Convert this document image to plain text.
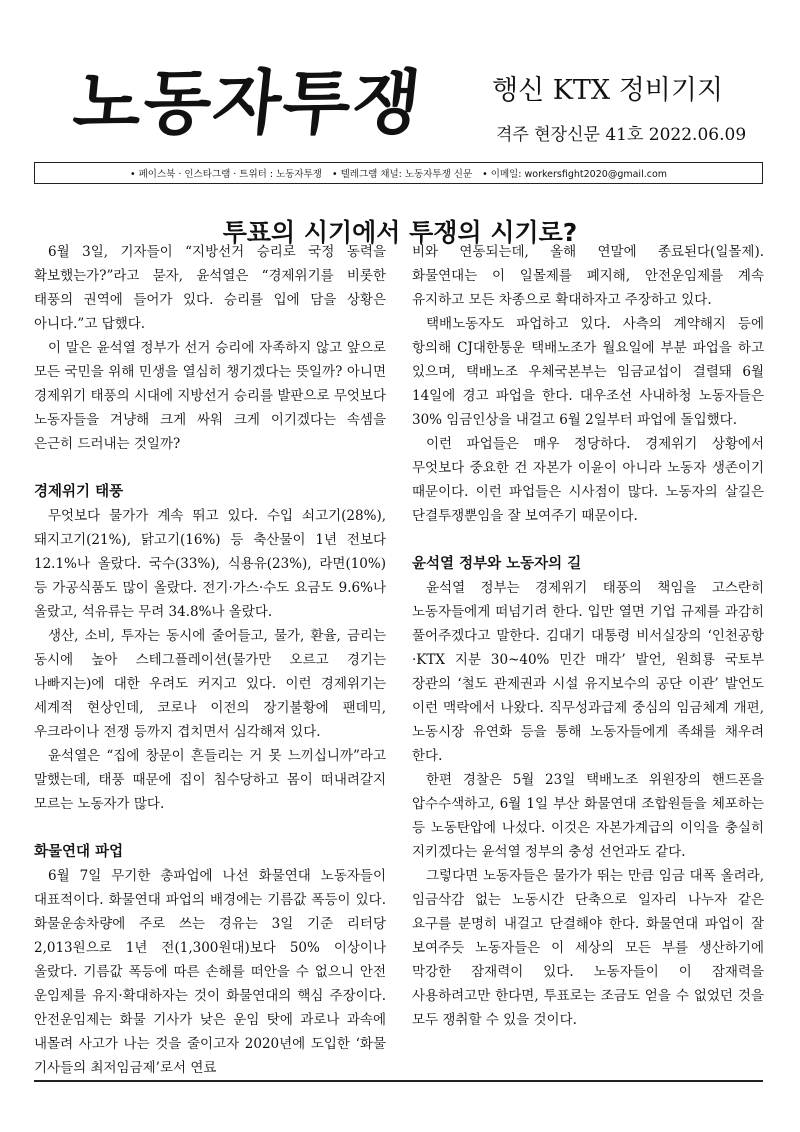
노동자투쟁 행신 KTX 정비기지
격주 현장신문 41호 2022.06.09
• 페이스북 · 인스타그램 · 트위터 : 노동자투쟁 • 텔레그램 채널: 노동자투쟁 신문 • 이메일: workersfight2020@gmail.com
투표의 시기에서 투쟁의 시기로?

6월 3일, 기자들이 “지방선거 승리로 국정 동력을 확보했는가?”라고 묻자, 윤석열은 “경제위기를 비롯한 태풍의 권역에 들어가 있다. 승리를 입에 담을 상황은 아니다.”고 답했다.

이 말은 윤석열 정부가 선거 승리에 자족하지 않고 앞으로 모든 국민을 위해 민생을 열심히 챙기겠다는 뜻일까? 아니면 경제위기 태풍의 시대에 지방선거 승리를 발판으로 무엇보다 노동자들을 겨냥해 크게 싸워 크게 이기겠다는 속셈을 은근히 드러내는 것일까?

경제위기 태풍

무엇보다 물가가 계속 뛰고 있다. 수입 쇠고기(28%), 돼지고기(21%), 닭고기(16%) 등 축산물이 1년 전보다 12.1%나 올랐다. 국수(33%), 식용유(23%), 라면(10%) 등 가공식품도 많이 올랐다. 전기·가스·수도 요금도 9.6%나 올랐고, 석유류는 무려 34.8%나 올랐다.

생산, 소비, 투자는 동시에 줄어들고, 물가, 환율, 금리는 동시에 높아 스테그플레이션(물가만 오르고 경기는 나빠지는)에 대한 우려도 커지고 있다. 이런 경제위기는 세계적 현상인데, 코로나 이전의 장기불황에 팬데믹, 우크라이나 전쟁 등까지 겹치면서 심각해져 있다.

윤석열은 “집에 창문이 흔들리는 거 못 느끼십니까”라고 말했는데, 태풍 때문에 집이 침수당하고 몸이 떠내려갈지 모르는 노동자가 많다.

화물연대 파업

6월 7일 무기한 총파업에 나선 화물연대 노동자들이 대표적이다. 화물연대 파업의 배경에는 기름값 폭등이 있다. 화물운송차량에 주로 쓰는 경유는 3일 기준 리터당 2,013원으로 1년 전(1,300원대)보다 50% 이상이나 올랐다. 기름값 폭등에 따른 손해를 떠안을 수 없으니 안전 운임제를 유지·확대하자는 것이 화물연대의 핵심 주장이다. 안전운임제는 화물 기사가 낮은 운임 탓에 과로나 과속에 내몰려 사고가 나는 것을 줄이고자 2020년에 도입한 ‘화물 기사들의 최저임금제’로서 연료

비와 연동되는데, 올해 연말에 종료된다(일몰제). 화물연대는 이 일몰제를 폐지해, 안전운임제를 계속 유지하고 모든 차종으로 확대하자고 주장하고 있다.

택배노동자도 파업하고 있다. 사측의 계약해지 등에 항의해 CJ대한통운 택배노조가 월요일에 부분 파업을 하고 있으며, 택배노조 우체국본부는 임금교섭이 결렬돼 6월 14일에 경고 파업을 한다. 대우조선 사내하청 노동자들은 30% 임금인상을 내걸고 6월 2일부터 파업에 돌입했다.

이런 파업들은 매우 정당하다. 경제위기 상황에서 무엇보다 중요한 건 자본가 이윤이 아니라 노동자 생존이기 때문이다. 이런 파업들은 시사점이 많다. 노동자의 살길은 단결투쟁뿐임을 잘 보여주기 때문이다.

윤석열 정부와 노동자의 길

윤석열 정부는 경제위기 태풍의 책임을 고스란히 노동자들에게 떠넘기려 한다. 입만 열면 기업 규제를 과감히 풀어주겠다고 말한다. 김대기 대통령 비서실장의 ‘인천공항·KTX 지분 30~40% 민간 매각’ 발언, 원희룡 국토부 장관의 ‘철도 관제권과 시설 유지보수의 공단 이관’ 발언도 이런 맥락에서 나왔다. 직무성과급제 중심의 임금체계 개편, 노동시장 유연화 등을 통해 노동자들에게 족쇄를 채우려 한다.

한편 경찰은 5월 23일 택배노조 위원장의 핸드폰을 압수수색하고, 6월 1일 부산 화물연대 조합원들을 체포하는 등 노동탄압에 나섰다. 이것은 자본가계급의 이익을 충실히 지키겠다는 윤석열 정부의 충성 선언과도 같다.

그렇다면 노동자들은 물가가 뛰는 만큼 임금 대폭 올려라, 임금삭감 없는 노동시간 단축으로 일자리 나누자 같은 요구를 분명히 내걸고 단결해야 한다. 화물연대 파업이 잘 보여주듯 노동자들은 이 세상의 모든 부를 생산하기에 막강한 잠재력이 있다. 노동자들이 이 잠재력을 사용하려고만 한다면, 투표로는 조금도 얻을 수 없었던 것을 모두 쟁취할 수 있을 것이다.
